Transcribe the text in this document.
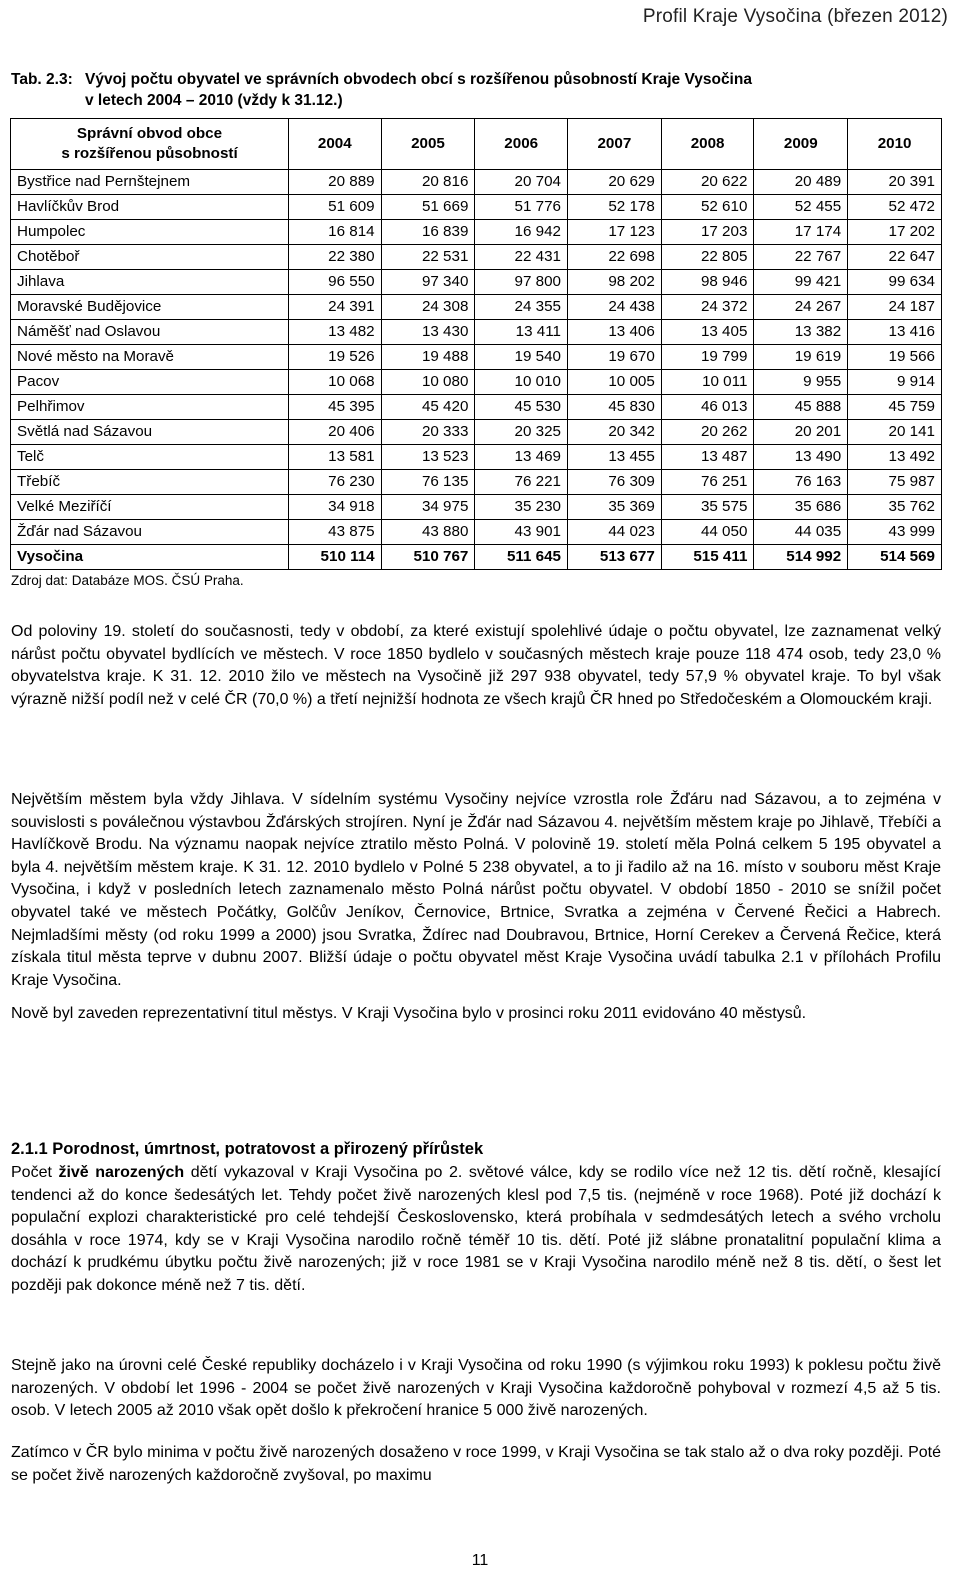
Profil Kraje Vysočina (březen 2012)
Tab. 2.3: Vývoj počtu obyvatel ve správních obvodech obcí s rozšířenou působností Kraje Vysočina
v letech 2004 – 2010 (vždy k 31.12.)
Správní obvod obce
s rozšířenou působností	2004	2005	2006	2007	2008	2009	2010
Bystřice nad Pernštejnem	20 889	20 816	20 704	20 629	20 622	20 489	20 391
Havlíčkův Brod	51 609	51 669	51 776	52 178	52 610	52 455	52 472
Humpolec	16 814	16 839	16 942	17 123	17 203	17 174	17 202
Chotěboř	22 380	22 531	22 431	22 698	22 805	22 767	22 647
Jihlava	96 550	97 340	97 800	98 202	98 946	99 421	99 634
Moravské Budějovice	24 391	24 308	24 355	24 438	24 372	24 267	24 187
Náměšť nad Oslavou	13 482	13 430	13 411	13 406	13 405	13 382	13 416
Nové město na Moravě	19 526	19 488	19 540	19 670	19 799	19 619	19 566
Pacov	10 068	10 080	10 010	10 005	10 011	9 955	9 914
Pelhřimov	45 395	45 420	45 530	45 830	46 013	45 888	45 759
Světlá nad Sázavou	20 406	20 333	20 325	20 342	20 262	20 201	20 141
Telč	13 581	13 523	13 469	13 455	13 487	13 490	13 492
Třebíč	76 230	76 135	76 221	76 309	76 251	76 163	75 987
Velké Meziříčí	34 918	34 975	35 230	35 369	35 575	35 686	35 762
Žďár nad Sázavou	43 875	43 880	43 901	44 023	44 050	44 035	43 999
Vysočina	510 114	510 767	511 645	513 677	515 411	514 992	514 569
Zdroj dat: Databáze MOS. ČSÚ Praha.

Od poloviny 19. století do současnosti, tedy v období, za které existují spolehlivé údaje o počtu obyvatel, lze zaznamenat velký nárůst počtu obyvatel bydlících ve městech. V roce 1850 bydlelo v současných městech kraje pouze 118 474 osob, tedy 23,0 % obyvatelstva kraje. K 31. 12. 2010 žilo ve městech na Vysočině již 297 938 obyvatel, tedy 57,9 % obyvatel kraje. To byl však výrazně nižší podíl než v celé ČR (70,0 %) a třetí nejnižší hodnota ze všech krajů ČR hned po Středočeském a Olomouckém kraji.

Největším městem byla vždy Jihlava. V sídelním systému Vysočiny nejvíce vzrostla role Žďáru nad Sázavou, a to zejména v souvislosti s poválečnou výstavbou Žďárských strojíren. Nyní je Žďár nad Sázavou 4. největším městem kraje po Jihlavě, Třebíči a Havlíčkově Brodu. Na významu naopak nejvíce ztratilo město Polná. V polovině 19. století měla Polná celkem 5 195 obyvatel a byla 4. největším městem kraje. K 31. 12. 2010 bydlelo v Polné 5 238 obyvatel, a to ji řadilo až na 16. místo v souboru měst Kraje Vysočina, i když v posledních letech zaznamenalo město Polná nárůst počtu obyvatel. V období 1850 - 2010 se snížil počet obyvatel také ve městech Počátky, Golčův Jeníkov, Černovice, Brtnice, Svratka a zejména v Červené Řečici a Habrech. Nejmladšími městy (od roku 1999 a 2000) jsou Svratka, Ždírec nad Doubravou, Brtnice, Horní Cerekev a Červená Řečice, která získala titul města teprve v dubnu 2007. Bližší údaje o počtu obyvatel měst Kraje Vysočina uvádí tabulka 2.1 v přílohách Profilu Kraje Vysočina.

Nově byl zaveden reprezentativní titul městys. V Kraji Vysočina bylo v prosinci roku 2011 evidováno 40 městysů.

2.1.1 Porodnost, úmrtnost, potratovost a přirozený přírůstek

Počet živě narozených dětí vykazoval v Kraji Vysočina po 2. světové válce, kdy se rodilo více než 12 tis. dětí ročně, klesající tendenci až do konce šedesátých let. Tehdy počet živě narozených klesl pod 7,5 tis. (nejméně v roce 1968). Poté již dochází k populační explozi charakteristické pro celé tehdejší Československo, která probíhala v sedmdesátých letech a svého vrcholu dosáhla v roce 1974, kdy se v Kraji Vysočina narodilo ročně téměř 10 tis. dětí. Poté již slábne pronatalitní populační klima a dochází k prudkému úbytku počtu živě narozených; již v roce 1981 se v Kraji Vysočina narodilo méně než 8 tis. dětí, o šest let později pak dokonce méně než 7 tis. dětí.

Stejně jako na úrovni celé České republiky docházelo i v Kraji Vysočina od roku 1990 (s výjimkou roku 1993) k poklesu počtu živě narozených. V období let 1996 - 2004 se počet živě narozených v Kraji Vysočina každoročně pohyboval v rozmezí 4,5 až 5 tis. osob. V letech 2005 až 2010 však opět došlo k překročení hranice 5 000 živě narozených.

Zatímco v ČR bylo minima v počtu živě narozených dosaženo v roce 1999, v Kraji Vysočina se tak stalo až o dva roky později. Poté se počet živě narozených každoročně zvyšoval, po maximu

11
